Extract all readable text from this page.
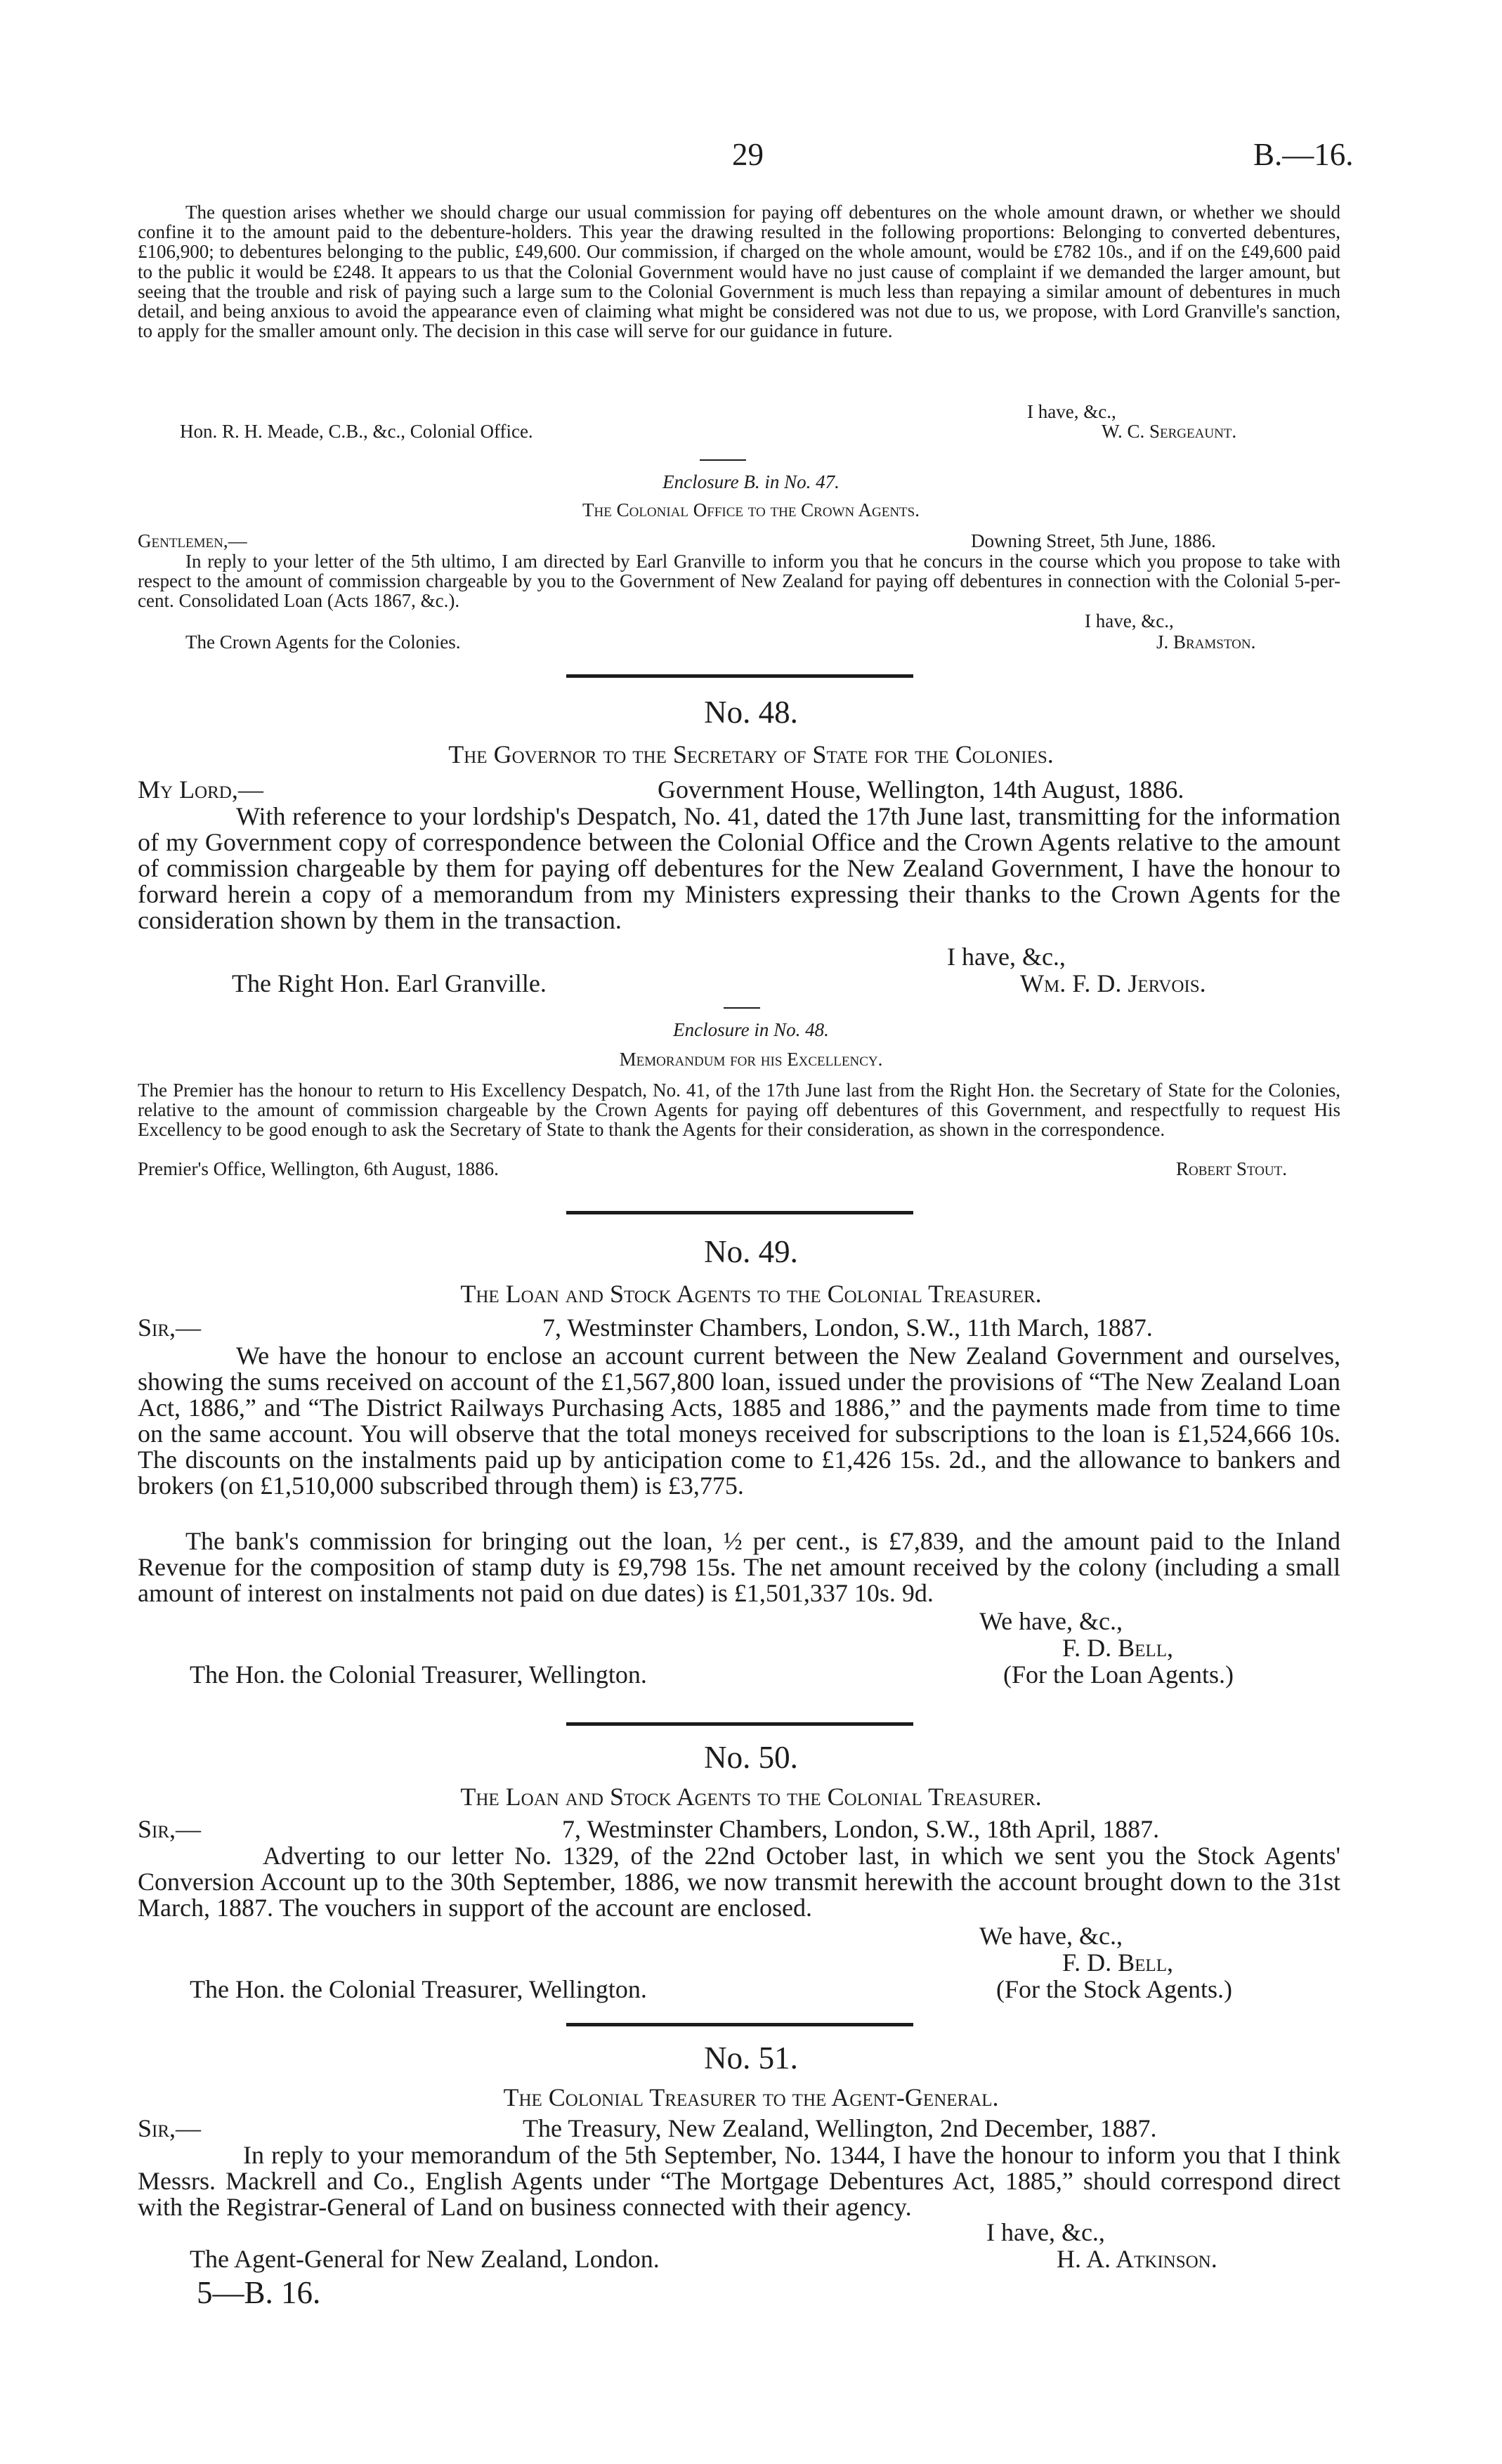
29	B.—16.
The question arises whether we should charge our usual commission for paying off debentures on the whole amount drawn, or whether we should confine it to the amount paid to the debenture-holders. This year the drawing resulted in the following proportions: Belonging to converted debentures, £106,900; to debentures belonging to the public, £49,600. Our commission, if charged on the whole amount, would be £782 10s., and if on the £49,600 paid to the public it would be £248. It appears to us that the Colonial Government would have no just cause of complaint if we demanded the larger amount, but seeing that the trouble and risk of paying such a large sum to the Colonial Government is much less than repaying a similar amount of debentures in much detail, and being anxious to avoid the appearance even of claiming what might be considered was not due to us, we propose, with Lord Granville's sanction, to apply for the smaller amount only. The decision in this case will serve for our guidance in future.
I have, &c.,
Hon. R. H. Meade, C.B., &c., Colonial Office.	W. C. Sergeaunt.
Enclosure B. in No. 47.
The Colonial Office to the Crown Agents.
Gentlemen,—	Downing Street, 5th June, 1886.
In reply to your letter of the 5th ultimo, I am directed by Earl Granville to inform you that he concurs in the course which you propose to take with respect to the amount of commission chargeable by you to the Government of New Zealand for paying off debentures in connection with the Colonial 5-per-cent. Consolidated Loan (Acts 1867, &c.).
I have, &c.,
The Crown Agents for the Colonies.	J. Bramston.
No. 48.
The Governor to the Secretary of State for the Colonies.
My Lord,—	Government House, Wellington, 14th August, 1886.
With reference to your lordship's Despatch, No. 41, dated the 17th June last, transmitting for the information of my Government copy of correspondence between the Colonial Office and the Crown Agents relative to the amount of commission chargeable by them for paying off debentures for the New Zealand Government, I have the honour to forward herein a copy of a memorandum from my Ministers expressing their thanks to the Crown Agents for the consideration shown by them in the transaction.
I have, &c.,
The Right Hon. Earl Granville.	Wm. F. D. Jervois.
Enclosure in No. 48.
Memorandum for his Excellency.
The Premier has the honour to return to His Excellency Despatch, No. 41, of the 17th June last from the Right Hon. the Secretary of State for the Colonies, relative to the amount of commission chargeable by the Crown Agents for paying off debentures of this Government, and respectfully to request His Excellency to be good enough to ask the Secretary of State to thank the Agents for their consideration, as shown in the correspondence.
Premier's Office, Wellington, 6th August, 1886.	Robert Stout.
No. 49.
The Loan and Stock Agents to the Colonial Treasurer.
Sir,—	7, Westminster Chambers, London, S.W., 11th March, 1887.
We have the honour to enclose an account current between the New Zealand Government and ourselves, showing the sums received on account of the £1,567,800 loan, issued under the provisions of “The New Zealand Loan Act, 1886,” and “The District Railways Purchasing Acts, 1885 and 1886,” and the payments made from time to time on the same account. You will observe that the total moneys received for subscriptions to the loan is £1,524,666 10s. The discounts on the instalments paid up by anticipation come to £1,426 15s. 2d., and the allowance to bankers and brokers (on £1,510,000 subscribed through them) is £3,775.
The bank's commission for bringing out the loan, ½ per cent., is £7,839, and the amount paid to the Inland Revenue for the composition of stamp duty is £9,798 15s. The net amount received by the colony (including a small amount of interest on instalments not paid on due dates) is £1,501,337 10s. 9d.
We have, &c.,
F. D. Bell,
(For the Loan Agents.)
The Hon. the Colonial Treasurer, Wellington.
No. 50.
The Loan and Stock Agents to the Colonial Treasurer.
Sir,—	7, Westminster Chambers, London, S.W., 18th April, 1887.
Adverting to our letter No. 1329, of the 22nd October last, in which we sent you the Stock Agents' Conversion Account up to the 30th September, 1886, we now transmit herewith the account brought down to the 31st March, 1887. The vouchers in support of the account are enclosed.
We have, &c.,
F. D. Bell,
(For the Stock Agents.)
The Hon. the Colonial Treasurer, Wellington.
No. 51.
The Colonial Treasurer to the Agent-General.
Sir,—	The Treasury, New Zealand, Wellington, 2nd December, 1887.
In reply to your memorandum of the 5th September, No. 1344, I have the honour to inform you that I think Messrs. Mackrell and Co., English Agents under “The Mortgage Debentures Act, 1885,” should correspond direct with the Registrar-General of Land on business connected with their agency.
I have, &c.,
The Agent-General for New Zealand, London.	H. A. Atkinson.
5—B. 16.
